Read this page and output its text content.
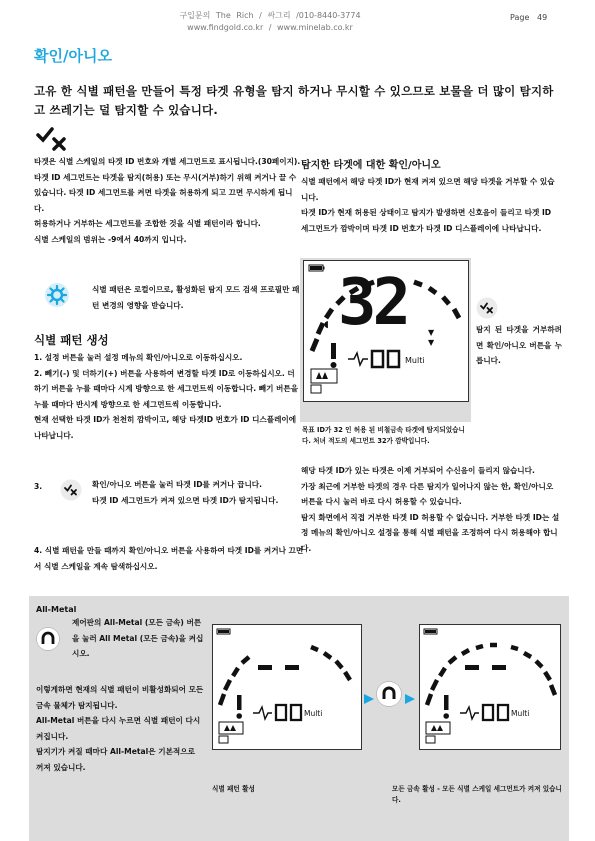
구입문의 The Rich / 싸그리 /010-8440-3774
www.findgold.co.kr / www.minelab.co.kr
Page   49
확인/아니오
고유 한 식별 패턴을 만들어 특정 타겟 유형을 탐지 하거나 무시할 수 있으므로 보물을 더 많이 탐지하고 쓰레기는 덜 탐지할 수 있습니다.
타겟은 식별 스케일의 타겟 ID 번호와 개별 세그먼트로 표시됩니다.(30페이지).
타겟 ID 세그먼트는 타겟을 탐지(허용) 또는 무시(거부)하기 위해 켜거나 끌 수 있습니다. 타겟 ID 세그먼트를 켜면 타겟을 허용하게 되고 끄면 무시하게 됩니다.
허용하거나 거부하는 세그먼트를 조합한 것을 식별 패턴이라 합니다.
식별 스케일의 범위는 -9에서 40까지 입니다.
식별 패턴은 로컬이므로, 활성화된 탐지 모드 검색 프로필만 패턴 변경의 영향을 받습니다.
식별 패턴 생성
1. 설정 버튼을 눌러 설정 메뉴의 확인/아니오로 이동하십시오.
2. 빼기(-) 및 더하기(+) 버튼을 사용하여 변경할 타겟 ID로 이동하십시오. 더하기 버튼을 누를 때마다 시계 방향으로 한 세그먼트씩 이동합니다. 빼기 버튼을 누를 때마다 반시계 방향으로 한 세그먼트씩 이동합니다.
현재 선택한 타겟 ID가 천천히 깜박이고, 해당 타겟ID 번호가 ID 디스플레이에 나타납니다.
3.	확인/아니오 버튼을 눌러 타겟 ID를 켜거나 끕니다.
타겟 ID 세그먼트가 켜져 있으면 타겟 ID가 탐지됩니다.
4. 식별 패턴을 만들 때까지 확인/아니오 버튼을 사용하여 타겟 ID를 켜거나 끄면서 식별 스케일을 계속 탐색하십시오.
탐지한 타겟에 대한 확인/아니오
식별 패턴에서 해당 타겟 ID가 현재 켜져 있으면 해당 타겟을 거부할 수 있습니다.
타겟 ID가 현재 허용된 상태이고 탐지가 발생하면 신호음이 들리고 타겟 ID 세그먼트가 깜박이며 타겟 ID 번호가 타겟 ID 디스플레이에 나타납니다.
◖
▼
▼
32
Multi
목표 ID가 32 인 허용 된 비철금속 타겟에 탐지되었습니다. 처녀 적도의 세그먼트 32가 깜박입니다.
탐지 된 타겟을 거부하려면 확인/아니오 버튼을 누릅니다.
해당 타겟 ID가 있는 타겟은 이제 거부되어 수신음이 들리지 않습니다.
가장 최근에 거부한 타겟의 경우 다른 탐지가 일어나지 않는 한, 확인/아니오 버튼을 다시 눌러 바로 다시 허용할 수 있습니다.
탐지 화면에서 직접 거부한 타겟 ID 허용할 수 없습니다. 거부한 타겟 ID는 설정 메뉴의 확인/아니오 설정을 통해 식별 패턴을 조정하여 다시 허용해야 합니다.
All-Metal
제어판의 All-Metal (모든 금속) 버튼을 눌러 All Metal (모든 금속)을 켜십시오.
이렇게하면 현재의 식별 패턴이 비활성화되어 모든 금속 물체가 탐지됩니다.
All-Metal 버튼을 다시 누르면 식별 패턴이 다시 켜집니다.
탐지기가 켜질 때마다 All-Metal은 기본적으로 꺼져 있습니다.
Multi	Multi
식별 패턴 활성	모든 금속 활성 - 모든 식별 스케일 세그먼트가 켜져 있습니다.
